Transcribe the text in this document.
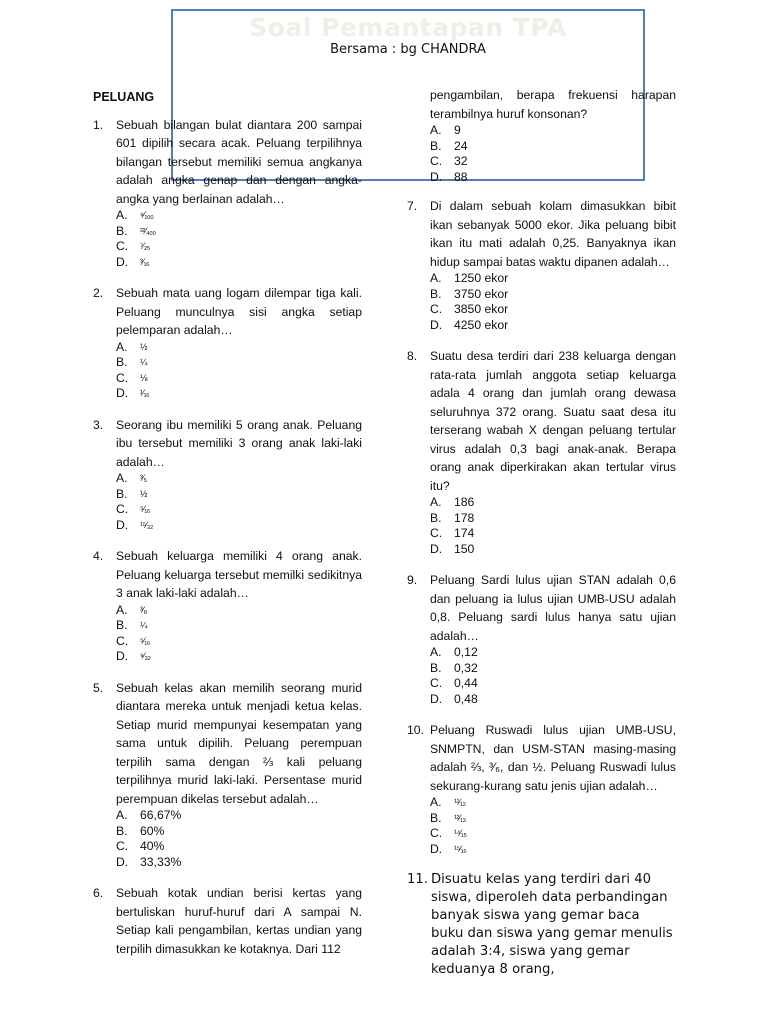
Soal Pemantapan TPA
Bersama : bg CHANDRA
PELUANG
1.	Sebuah bilangan bulat diantara 200 sampai 601 dipilih secara acak. Peluang terpilihnya bilangan tersebut memiliki semua angkanya adalah angka genap dan dengan angka-angka yang berlainan adalah…
A.	⁹⁄₁₀₀
B.	²²⁄₄₀₀
C.	⁷⁄₂₅
D.	³⁄₁₆
2.	Sebuah mata uang logam dilempar tiga kali. Peluang munculnya sisi angka setiap pelemparan adalah…
A.	½
B.	¼
C.	⅛
D.	¹⁄₁₆
3.	Seorang ibu memiliki 5 orang anak. Peluang ibu tersebut memiliki 3 orang anak laki-laki adalah…
A.	³⁄₅
B.	½
C.	⁵⁄₁₆
D.	¹⁵⁄₃₂
4.	Sebuah keluarga memiliki 4 orang anak. Peluang keluarga tersebut memilki sedikitnya 3 anak laki-laki adalah…
A.	³⁄₈
B.	¼
C.	⁵⁄₁₆
D.	⁹⁄₃₂
5.	Sebuah kelas akan memilih seorang murid diantara mereka untuk menjadi ketua kelas. Setiap murid mempunyai kesempatan yang sama untuk dipilih. Peluang perempuan terpilih sama dengan ⅔ kali peluang terpilihnya murid laki-laki. Persentase murid perempuan dikelas tersebut adalah…
A.	66,67%
B.	60%
C. 40%
D. 33,33%
6.	Sebuah kotak undian berisi kertas yang bertuliskan huruf-huruf dari A sampai N. Setiap kali pengambilan, kertas undian yang terpilih dimasukkan ke kotaknya. Dari 112
pengambilan, berapa frekuensi harapan terambilnya huruf konsonan?
A.	9
B.	24
C. 32
D. 88
7.	Di dalam sebuah kolam dimasukkan bibit ikan sebanyak 5000 ekor. Jika peluang bibit ikan itu mati adalah 0,25. Banyaknya ikan hidup sampai batas waktu dipanen adalah…
A.	1250 ekor
B.	3750 ekor
C. 3850 ekor
D. 4250 ekor
8.	Suatu desa terdiri dari 238 keluarga dengan rata-rata jumlah anggota setiap keluarga adala 4 orang dan jumlah orang dewasa seluruhnya 372 orang. Suatu saat desa itu terserang wabah X dengan peluang tertular virus adalah 0,3 bagi anak-anak. Berapa orang anak diperkirakan akan tertular virus itu?
A.	186
B.	178
C. 174
D. 150
9.	Peluang Sardi lulus ujian STAN adalah 0,6 dan peluang ia lulus ujian UMB-USU adalah 0,8. Peluang sardi lulus hanya satu ujian adalah…
A.	0,12
B.	0,32
C. 0,44
D. 0,48
10. Peluang Ruswadi lulus ujian UMB-USU, SNMPTN, dan USM-STAN masing-masing adalah ⅔, ³⁄₆, dan ½. Peluang Ruswadi lulus sekurang-kurang satu jenis ujian adalah…
A.	¹¹⁄₁₂
B.	¹²⁄₁₃
C.	¹⁴⁄₁₅
D.	¹⁵⁄₁₆
11. Disuatu kelas yang terdiri dari 40 siswa, diperoleh data perbandingan banyak siswa yang gemar baca buku dan siswa yang gemar menulis adalah 3:4, siswa yang gemar keduanya 8 orang,
